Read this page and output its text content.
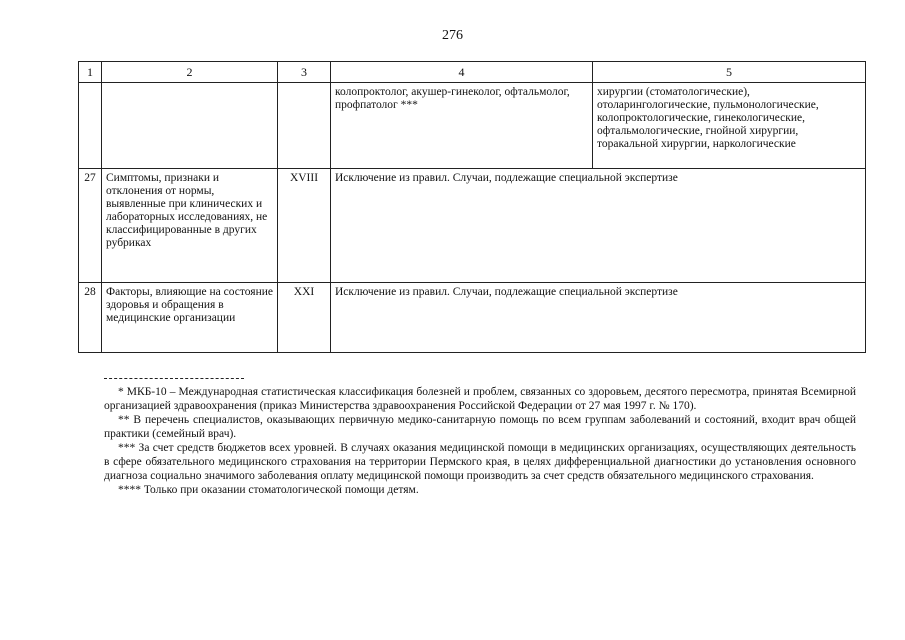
276
1	2	3	4	5
			колопроктолог, акушер-гинеколог, офтальмолог, профпатолог ***	хирургии (стоматологические), отоларингологические, пульмонологические, колопроктологические, гинекологические, офтальмологические, гнойной хирургии, торакальной хирургии, наркологические
27	Симптомы, признаки и отклонения от нормы, выявленные при клинических и лабораторных исследованиях, не классифицированные в других рубриках	XVIII	Исключение из правил. Случаи, подлежащие специальной экспертизе	
28	Факторы, влияющие на состояние здоровья и обращения в медицинские организации	XXI	Исключение из правил. Случаи, подлежащие специальной экспертизе	

* МКБ-10 – Международная статистическая классификация болезней и проблем, связанных со здоровьем, десятого пересмотра, принятая Всемирной организацией здравоохранения (приказ Министерства здравоохранения Российской Федерации от 27 мая 1997 г. № 170).

** В перечень специалистов, оказывающих первичную медико-санитарную помощь по всем группам заболеваний и состояний, входит врач общей практики (семейный врач).

*** За счет средств бюджетов всех уровней. В случаях оказания медицинской помощи в медицинских организациях, осуществляющих деятельность в сфере обязательного медицинского страхования на территории Пермского края, в целях дифференциальной диагностики до установления основного диагноза социально значимого заболевания оплату медицинской помощи производить за счет средств обязательного медицинского страхования.

**** Только при оказании стоматологической помощи детям.
